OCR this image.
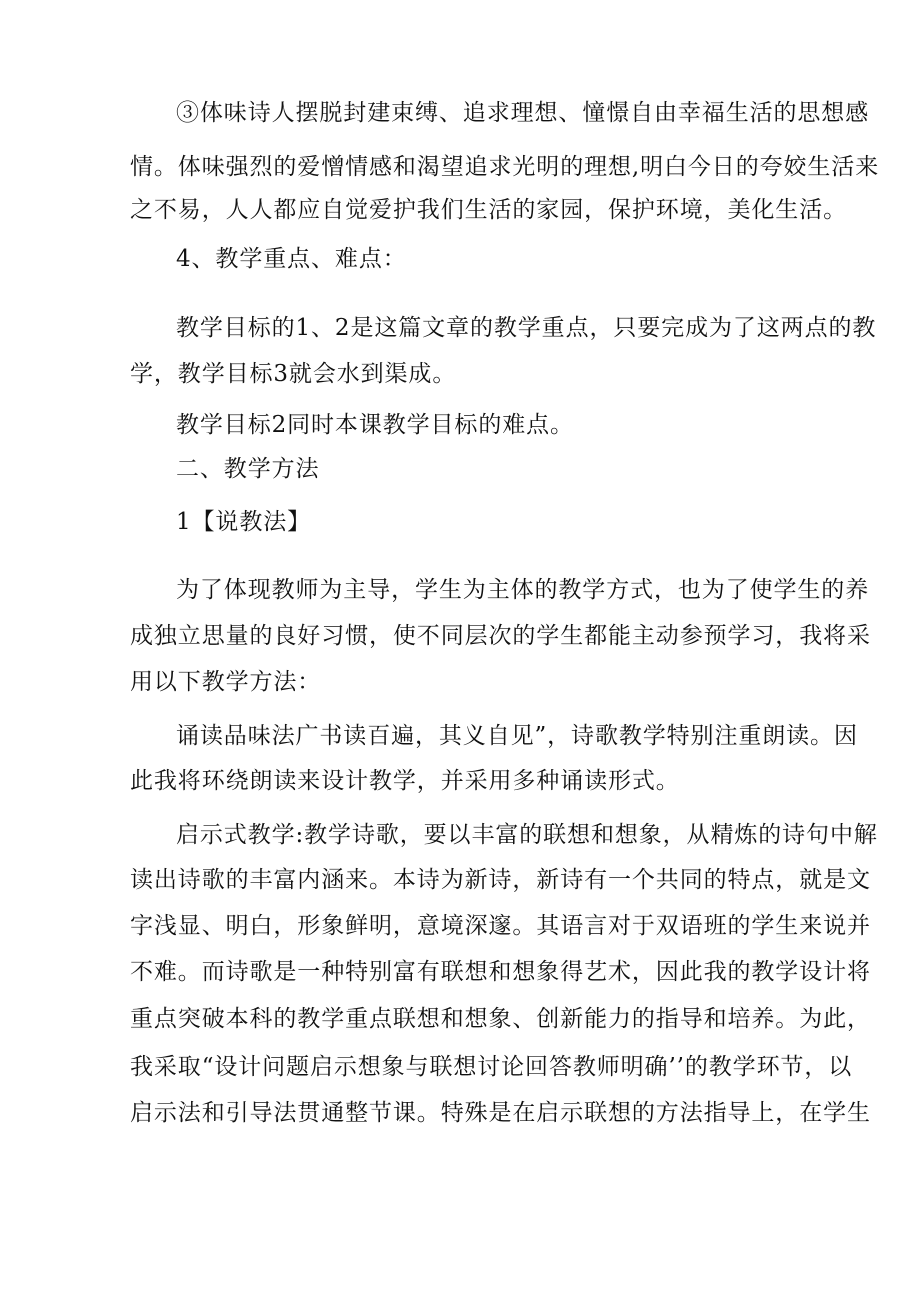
③体味诗人摆脱封建束缚、追求理想、憧憬自由幸福生活的思想感
情。体味强烈的爱憎情感和渴望追求光明的理想,明白今日的夸姣生活来
之不易，人人都应自觉爱护我们生活的家园，保护环境，美化生活。
4、教学重点、难点：
教学目标的1、2是这篇文章的教学重点，只要完成为了这两点的教
学，教学目标3就会水到渠成。
教学目标2同时本课教学目标的难点。
二、教学方法
1【说教法】
为了体现教师为主导，学生为主体的教学方式，也为了使学生的养
成独立思量的良好习惯，使不同层次的学生都能主动参预学习，我将采
用以下教学方法：
诵读品味法广书读百遍，其义自见”，诗歌教学特别注重朗读。因
此我将环绕朗读来设计教学，并采用多种诵读形式。
启示式教学:教学诗歌，要以丰富的联想和想象，从精炼的诗句中解
读出诗歌的丰富内涵来。本诗为新诗，新诗有一个共同的特点，就是文
字浅显、明白，形象鲜明，意境深邃。其语言对于双语班的学生来说并
不难。而诗歌是一种特别富有联想和想象得艺术，因此我的教学设计将
重点突破本科的教学重点联想和想象、创新能力的指导和培养。为此，
我采取“设计问题启示想象与联想讨论回答教师明确’’的教学环节，以
启示法和引导法贯通整节课。特殊是在启示联想的方法指导上，在学生
